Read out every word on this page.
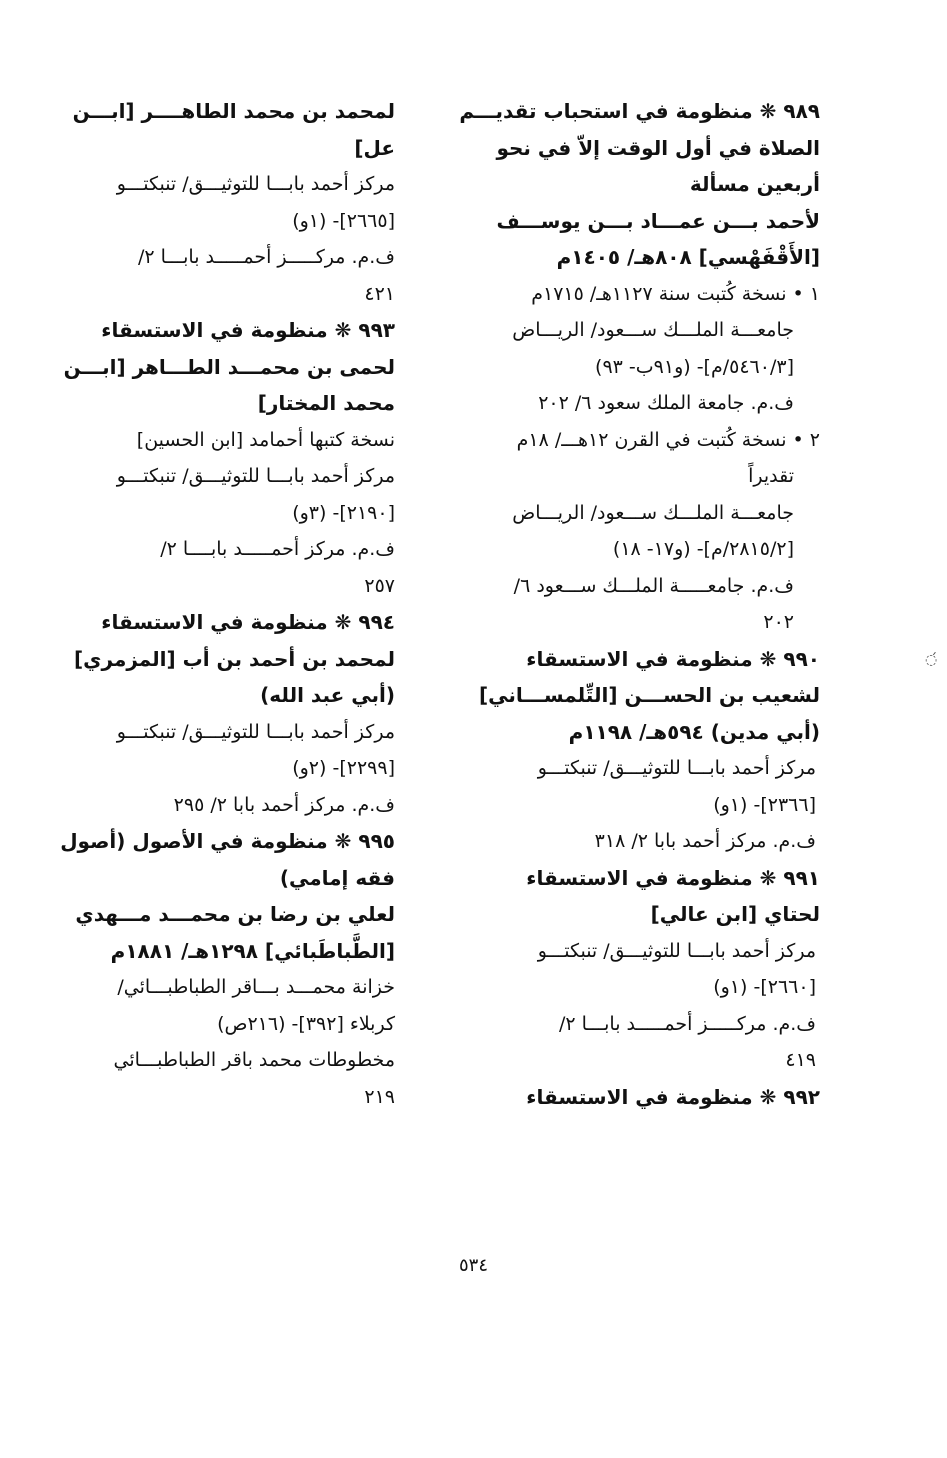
٩٨٩ ❋ منظومة في استحباب تقديـــم
الصلاة في أول الوقت إلاّ في نحو
أربعين مسألة
لأحمد بـــن عمـــاد بـــن يوســـف
[الأَقْفَهْسي] ٨٠٨هـ/ ١٤٠٥م
١ • نسخة كُتبت سنة ١١٢٧هـ/ ١٧١٥م
جامعـــة الملـــك ســـعود/ الريـــاض
[٥٤٦٠/٣/م]- (و٩١ب- ٩٣)
ف.م. جامعة الملك سعود ٦/ ٢٠٢
٢ • نسخة كُتبت في القرن ١٢هـــ/ ١٨م
تقديراً
جامعـــة الملـــك ســـعود/ الريـــاض
[٢٨١٥/٢/م]- (و١٧- ١٨)
ف.م. جامعـــــة الملـــك ســـعود ٦/
٢٠٢
٩٩٠ ❋ منظومة في الاستسقاء
لشعيب بن الحســـن [التِّلمســـاني]
(أبي مدين) ٥٩٤هـ/ ١١٩٨م
مركز أحمد بابـــا للتوثيـــق/ تنبكتـــو
[٢٣٦٦]- (١و)
ف.م. مركز أحمد بابا ٢/ ٣١٨
٩٩١ ❋ منظومة في الاستسقاء
لحتاي [ابن عالي]
مركز أحمد بابـــا للتوثيـــق/ تنبكتـــو
[٢٦٦٠]- (١و)
ف.م. مركـــــز أحمـــــد بابـــا ٢/
٤١٩
٩٩٢ ❋ منظومة في الاستسقاء
لمحمد بن محمد الطاهــــر [ابـــن
عل]
مركز أحمد بابـــا للتوثيـــق/ تنبكتـــو
[٢٦٦٥]- (١و)
ف.م. مركـــــز أحمـــــد بابـــا ٢/
٤٢١
٩٩٣ ❋ منظومة في الاستسقاء
لحمى بن محمـــد الطـــاهر [ابـــن
محمد المختار]
نسخة كتبها أحمامد [ابن الحسين]
مركز أحمد بابـــا للتوثيـــق/ تنبكتـــو
[٢١٩٠]- (٣و)
ف.م. مركز أحمـــــد بابــــا ٢/
٢٥٧
٩٩٤ ❋ منظومة في الاستسقاء
لمحمد بن أحمد بن أب [المزمري]
(أبي عبد الله)
مركز أحمد بابـــا للتوثيـــق/ تنبكتـــو
[٢٢٩٩]- (٢و)
ف.م. مركز أحمد بابا ٢/ ٢٩٥
٩٩٥ ❋ منظومة في الأصول (أصول
فقه إمامي)
لعلي بن رضا بن محمـــد مـــهدي
[الطَّباطَبائي] ١٢٩٨هـ/ ١٨٨١م
خزانة محمـــد بـــاقر الطباطبـــائي/
كربلاء [٣٩٢]- (٢١٦ص)
مخطوطات محمد باقر الطباطبـــائي
٢١٩
◌́
٥٣٤
